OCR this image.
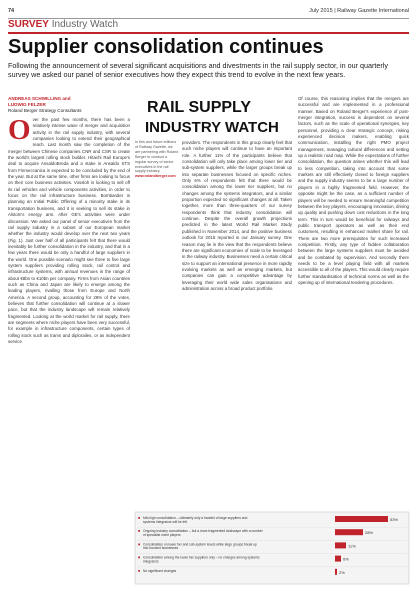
74	July 2015 | Railway Gazette International
SURVEY Industry Watch
Supplier consolidation continues
Following the announcement of several significant acquisitions and divestments in the rail supply sector, in our quarterly survey we asked our panel of senior executives how they expect this trend to evolve in the next few years.
ANDREAS SCHWILLING and
LUDWIG FELZER
Roland Berger Strategy Consultants
Over the past few months, there has been a relatively intense wave of merger and acquisition activity in the rail supply industry, with several companies looking to extend their geographical reach. Last month saw the completion of the merger between Chinese companies CNR and CSR to create the world's largest rolling stock builder. Hitachi Rail Europe's deal to acquire AnsaldoBreda and a stake in Ansaldo STS from Finmeccanica is expected to be concluded by the end of the year. But at the same time, other firms are looking to focus on their core business activities. Vossloh is looking to sell off its rail vehicles and vehicle components activities, in order to focus on the rail infrastructure business. Bombardier is planning an Initial Public Offering of a minority stake in its transportation business, and it is seeking to sell its stake in Alstom's energy arm. After GE's activities were under discussion. We asked our panel of senior executives from the rail supply industry in a subset of our European market whether the industry would develop over the next two years (Fig. 1). Just over half of all participants felt that there would inevitably be further consolidation in the industry, and that in a few years there would be only a handful of large suppliers in the world. One possible scenario might see three to five large system suppliers providing rolling stock, rail control and infrastructure systems, with annual revenues in the range of about €8bn to €10bn per company. Firms from Asian countries such as China and Japan are likely to emerge among the leading players, rivalling those from Europe and North America. A second group, accounting for 28% of the votes, believes that further consolidation will continue at a slower pace, but that the industry landscape will remain relatively fragmented. Looking at the world market for rail supply, there are segments where niche players have been very successful, for example in infrastructure components, certain types of rolling stock such as trams and diplorailes, or as independent service
RAIL SUPPLY
INDUSTRY WATCH
In this and future editions of Railway Gazette, we are partnering with Roland Berger to conduct a regular survey of senior executives in the rail supply industry. www.rolandberger.com
providers. The respondents in this group clearly feel that such niche players will continue to have an important role. A further 11% of the participants believe that consolidation will only take place among lower tier and sub-system suppliers, while the larger groups break up into separate businesses focused on specific niches. Only 6% of respondents felt that there would be consolidation among the lower tier suppliers, but no changes among the systems integrators, and a similar proportion expected no significant changes at all. Taken together, more than three-quarters of our survey respondents think that industry consolidation will continue. Despite the overall growth projections predicted in the latest World Rail Market Study published in November 2014, and the positive business outlook for 2015 reported in our January survey. One reason may lie in the view that the respondents believe there are significant economies of scale to be leveraged in the railway industry. Businesses need a certain critical size to support an international presence in more rapidly evolving markets as well as emerging markets, but companies can gain a competitive advantage by leveraging their world wide sales organisations and administration across a broad product portfolio.
Of course, this reasoning implies that the mergers are successful and are implemented in a professional manner. Based on Roland Berger's experience of post-merger integration, success is dependent on several factors, such as the scale of operational synergies, key personnel, providing a clear strategic concept, risking experienced decision makers, enabling quick communication, installing the right PMO project management, managing cultural differences and setting up a realistic road map. While the expectations of further consolidation, the question arises whether this will lead to less competition, taking into account that some markets are still effectively closed to foreign suppliers and the supply industry seems to be a large number of players in a highly fragmented field. However, the opposite might be the case, as a sufficient number of players will be needed to ensure meaningful competition between the key players, encouraging innovation, driving up quality and pushing down cost reductions in the long term. This in turn would be beneficial for railways and public transport operators as well as their end customers, resulting in enhanced market share for rail. There are two more prerequisites for such increased competition. Firstly, any type of hidden collaboration between the large systems suppliers must be avoided and be combated by supervision. And secondly there needs to be a level playing field with all markets accessible to all of the players. This would clearly require further standardisation of technical norms as well as the opening up of international tendering procedures.
■ Mid-high consolidation – ultimately only a handful of large suppliers and
systems integrators will be left	53%
■ Ongoing industry consolidation – but a more fragmented landscape with a number
of specialist niche players	28%
■ Consolidation on lower tier and sub-system levels while large groups break up
into focused businesses	11%
■ Consolidation among the lower tier suppliers only – no changes among systems
integrators	6%
■ No significant changes	2%
